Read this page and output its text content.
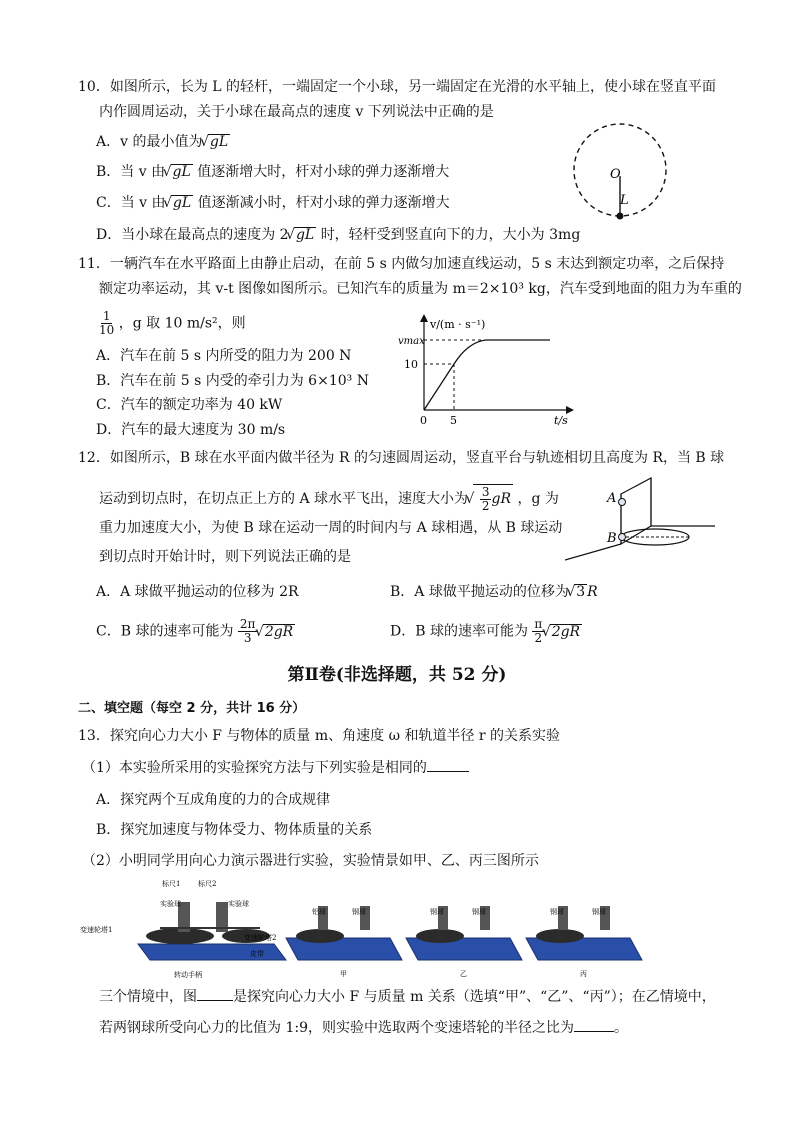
10．如图所示，长为 L 的轻杆，一端固定一个小球，另一端固定在光滑的水平轴上，使小球在竖直平面
内作圆周运动，关于小球在最高点的速度 v 下列说法中正确的是
A．v 的最小值为 √ gL
B．当 v 由 √ gL 值逐渐增大时，杆对小球的弹力逐渐增大
C．当 v 由 √ gL 值逐渐减小时，杆对小球的弹力逐渐增大
D．当小球在最高点的速度为 2 √ gL 时，轻杆受到竖直向下的力，大小为 3mg
O
L
11．一辆汽车在水平路面上由静止启动，在前 5 s 内做匀加速直线运动，5 s 末达到额定功率，之后保持
额定功率运动，其 v-t 图像如图所示。已知汽车的质量为 m＝2×10³ kg，汽车受到地面的阻力为车重的
$\frac{1}{10}$ ，g 取 10 m/s²，则
A．汽车在前 5 s 内所受的阻力为 200 N
B．汽车在前 5 s 内受的牵引力为 6×10³ N
C．汽车的额定功率为 40 kW
D．汽车的最大速度为 30 m/s
v/(m · s⁻¹)
vmax
10
0 5	t/s
12．如图所示，B 球在水平面内做半径为 R 的匀速圆周运动，竖直平台与轨迹相切且高度为 R，当 B 球
运动到切点时，在切点正上方的 A 球水平飞出，速度大小为 √ $\frac{3}{2}$ gR ，g 为
重力加速度大小，为使 B 球在运动一周的时间内与 A 球相遇，从 B 球运动
到切点时开始计时，则下列说法正确的是
A
B
A．A 球做平抛运动的位移为 2R	B．A 球做平抛运动的位移为 √ 3 R
C．B 球的速率可能为 $\frac{2\pi}{3}$ √ 2gR	D．B 球的速率可能为 $\frac{\pi}{2}$ √ 2gR
第Ⅱ卷(非选择题，共 52 分)
二、填空题（每空 2 分，共计 16 分）
13．探究向心力大小 F 与物体的质量 m、角速度 ω 和轨道半径 r 的关系实验
（1）本实验所采用的实验探究方法与下列实验是相同的
A．探究两个互成角度的力的合成规律
B．探究加速度与物体受力、物体质量的关系
（2）小明同学用向心力演示器进行实验，实验情景如甲、乙、丙三图所示
标尺1	标尺2
实验球	实验球
变速轮塔1
变速轮塔2
皮带
转动手柄
铝球	钢球
甲
钢球	钢球
乙
钢球	钢球
丙
三个情境中，图	是探究向心力大小 F 与质量 m 关系（选填“甲”、“乙”、“丙”）；在乙情境中，
若两钢球所受向心力的比值为 1:9，则实验中选取两个变速塔轮的半径之比为	。
